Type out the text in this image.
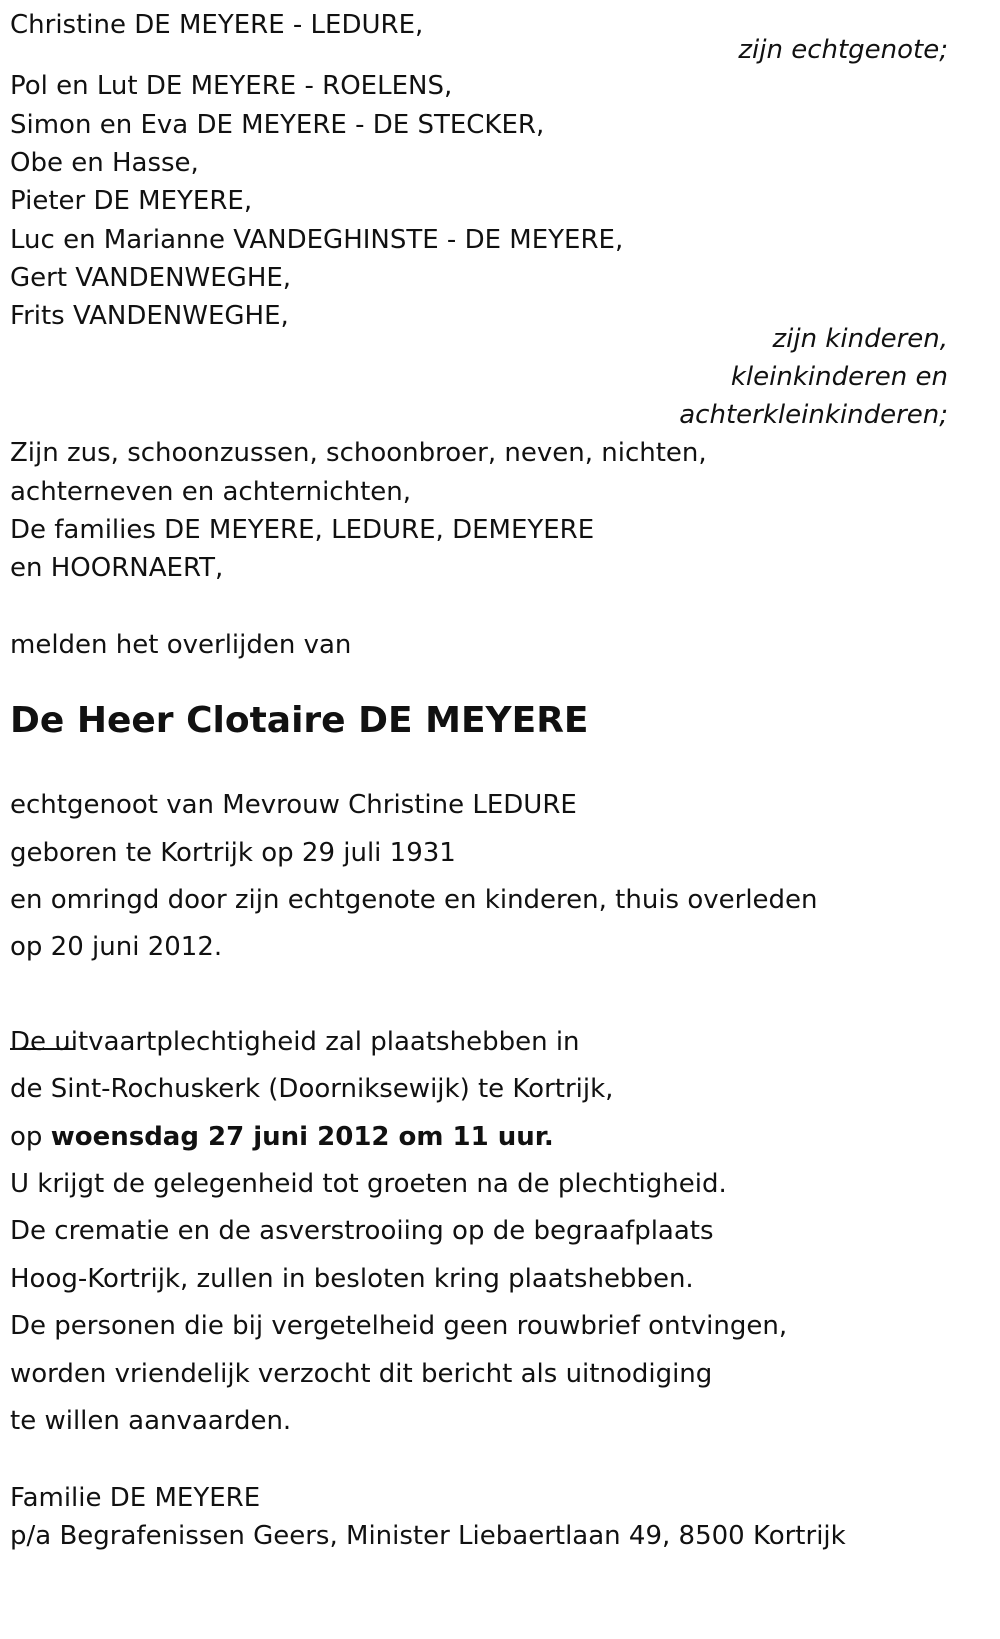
Christine DE MEYERE - LEDURE,
zijn echtgenote;
Pol en Lut DE MEYERE - ROELENS,
Simon en Eva DE MEYERE - DE STECKER,
Obe en Hasse,
Pieter DE MEYERE,
Luc en Marianne VANDEGHINSTE - DE MEYERE,
Gert VANDENWEGHE,
Frits VANDENWEGHE,
zijn kinderen,
kleinkinderen en
achterkleinkinderen;
Zijn zus, schoonzussen, schoonbroer, neven, nichten,
achterneven en achternichten,
De families DE MEYERE, LEDURE, DEMEYERE
en HOORNAERT,
melden het overlijden van
De Heer Clotaire DE MEYERE
echtgenoot van Mevrouw Christine LEDURE
geboren te Kortrijk op 29 juli 1931
en omringd door zijn echtgenote en kinderen, thuis overleden
op 20 juni 2012.
De uitvaartplechtigheid zal plaatshebben in
de Sint-Rochuskerk (Doorniksewijk) te Kortrijk,
op woensdag 27 juni 2012 om 11 uur.
U krijgt de gelegenheid tot groeten na de plechtigheid.
De crematie en de asverstrooiing op de begraafplaats
Hoog-Kortrijk, zullen in besloten kring plaatshebben.
De personen die bij vergetelheid geen rouwbrief ontvingen,
worden vriendelijk verzocht dit bericht als uitnodiging
te willen aanvaarden.
Familie DE MEYERE
p/a Begrafenissen Geers, Minister Liebaertlaan 49, 8500 Kortrijk
